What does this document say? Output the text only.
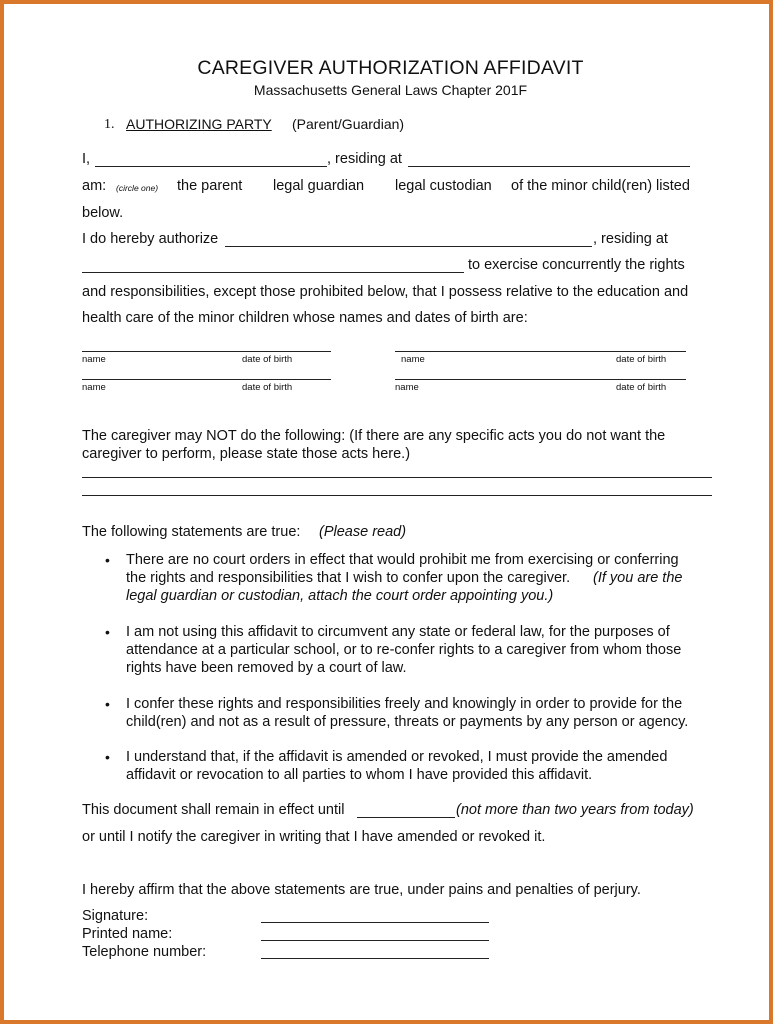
CAREGIVER AUTHORIZATION AFFIDAVIT
Massachusetts General Laws Chapter 201F
1. AUTHORIZING PARTY (Parent/Guardian)
I,	, residing at
am: (circle one) the parent legal guardian legal custodian of the minor child(ren) listed
below.
I do hereby authorize	, residing at
to exercise concurrently the rights
and responsibilities, except those prohibited below, that I possess relative to the education and
health care of the minor children whose names and dates of birth are:
name	date of birth	name	date of birth
name	date of birth	name	date of birth
The caregiver may NOT do the following: (If there are any specific acts you do not want the
caregiver to perform, please state those acts here.)
The following statements are true: (Please read)
• There are no court orders in effect that would prohibit me from exercising or conferring
the rights and responsibilities that I wish to confer upon the caregiver. (If you are the
legal guardian or custodian, attach the court order appointing you.)
• I am not using this affidavit to circumvent any state or federal law, for the purposes of
attendance at a particular school, or to re-confer rights to a caregiver from whom those
rights have been removed by a court of law.
• I confer these rights and responsibilities freely and knowingly in order to provide for the
child(ren) and not as a result of pressure, threats or payments by any person or agency.
• I understand that, if the affidavit is amended or revoked, I must provide the amended
affidavit or revocation to all parties to whom I have provided this affidavit.
This document shall remain in effect until	(not more than two years from today)
or until I notify the caregiver in writing that I have amended or revoked it.
I hereby affirm that the above statements are true, under pains and penalties of perjury.
Signature:
Printed name:
Telephone number:
